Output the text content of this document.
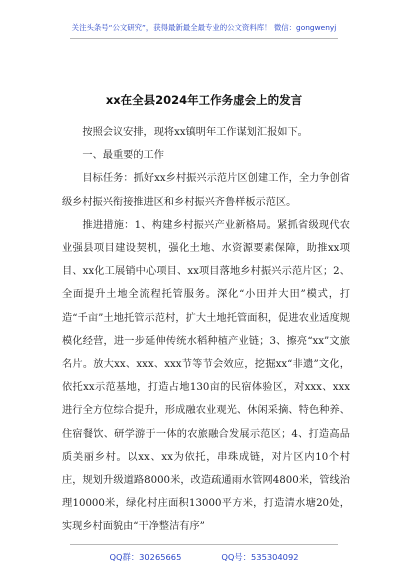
关注头条号“公文研究”，获得最新最全最专业的公文资料库！ 微信：gongwenyj
xx在全县2024年工作务虚会上的发言

按照会议安排，现将xx镇明年工作谋划汇报如下。

一、最重要的工作

目标任务：抓好xx乡村振兴示范片区创建工作，全力争创省级乡村振兴衔接推进区和乡村振兴齐鲁样板示范区。

推进措施：1、构建乡村振兴产业新格局。紧抓省级现代农业强县项目建设契机，强化土地、水资源要素保障，助推xx项目、xx化工展销中心项目、xx项目落地乡村振兴示范片区；2、全面提升土地全流程托管服务。深化“小田并大田”模式，打造“千亩”土地托管示范村，扩大土地托管面积，促进农业适度规模化经营，进一步延伸传统水稻种植产业链；3、擦亮“xx”文旅名片。放大xx、xxx、xxx节等节会效应，挖掘xx“非遗”文化，依托xx示范基地，打造占地130亩的民宿体验区，对xxx、xxx进行全方位综合提升，形成融农业观光、休闲采摘、特色种养、住宿餐饮、研学游于一体的农旅融合发展示范区；4、打造高品质美丽乡村。以xx、xx为依托，串珠成链，对片区内10个村庄，规划升级道路8000米，改造疏通雨水管网4800米，管线治理10000米，绿化村庄面积13000平方米，打造清水塘20处，实现乡村面貌由“干净整洁有序”

QQ群：30265665	QQ号：535304092
